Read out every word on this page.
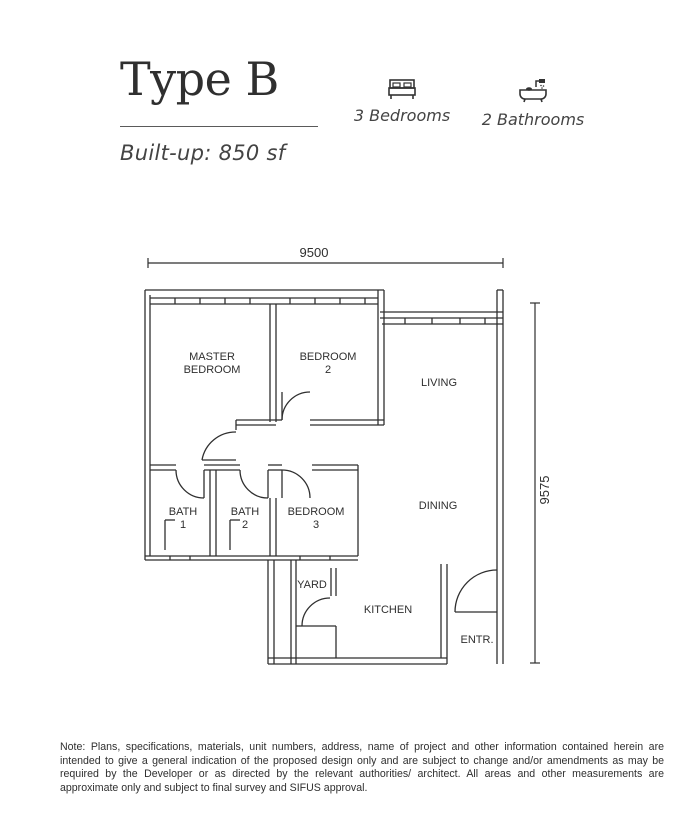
Type B
Built-up: 850 sf
3 Bedrooms 2 Bathrooms
MASTER
BEDROOM
BEDROOM
2
LIVING
DINING
BATH
1
BATH
2
BEDROOM
3
YARD
KITCHEN
ENTR.
9500
9575

Note: Plans, specifications, materials, unit numbers, address, name of project and other information contained herein are intended to give a general indication of the proposed design only and are subject to change and/or amendments as may be required by the Developer or as directed by the relevant authorities/ architect. All areas and other measurements are approximate only and subject to final survey and SIFUS approval.
